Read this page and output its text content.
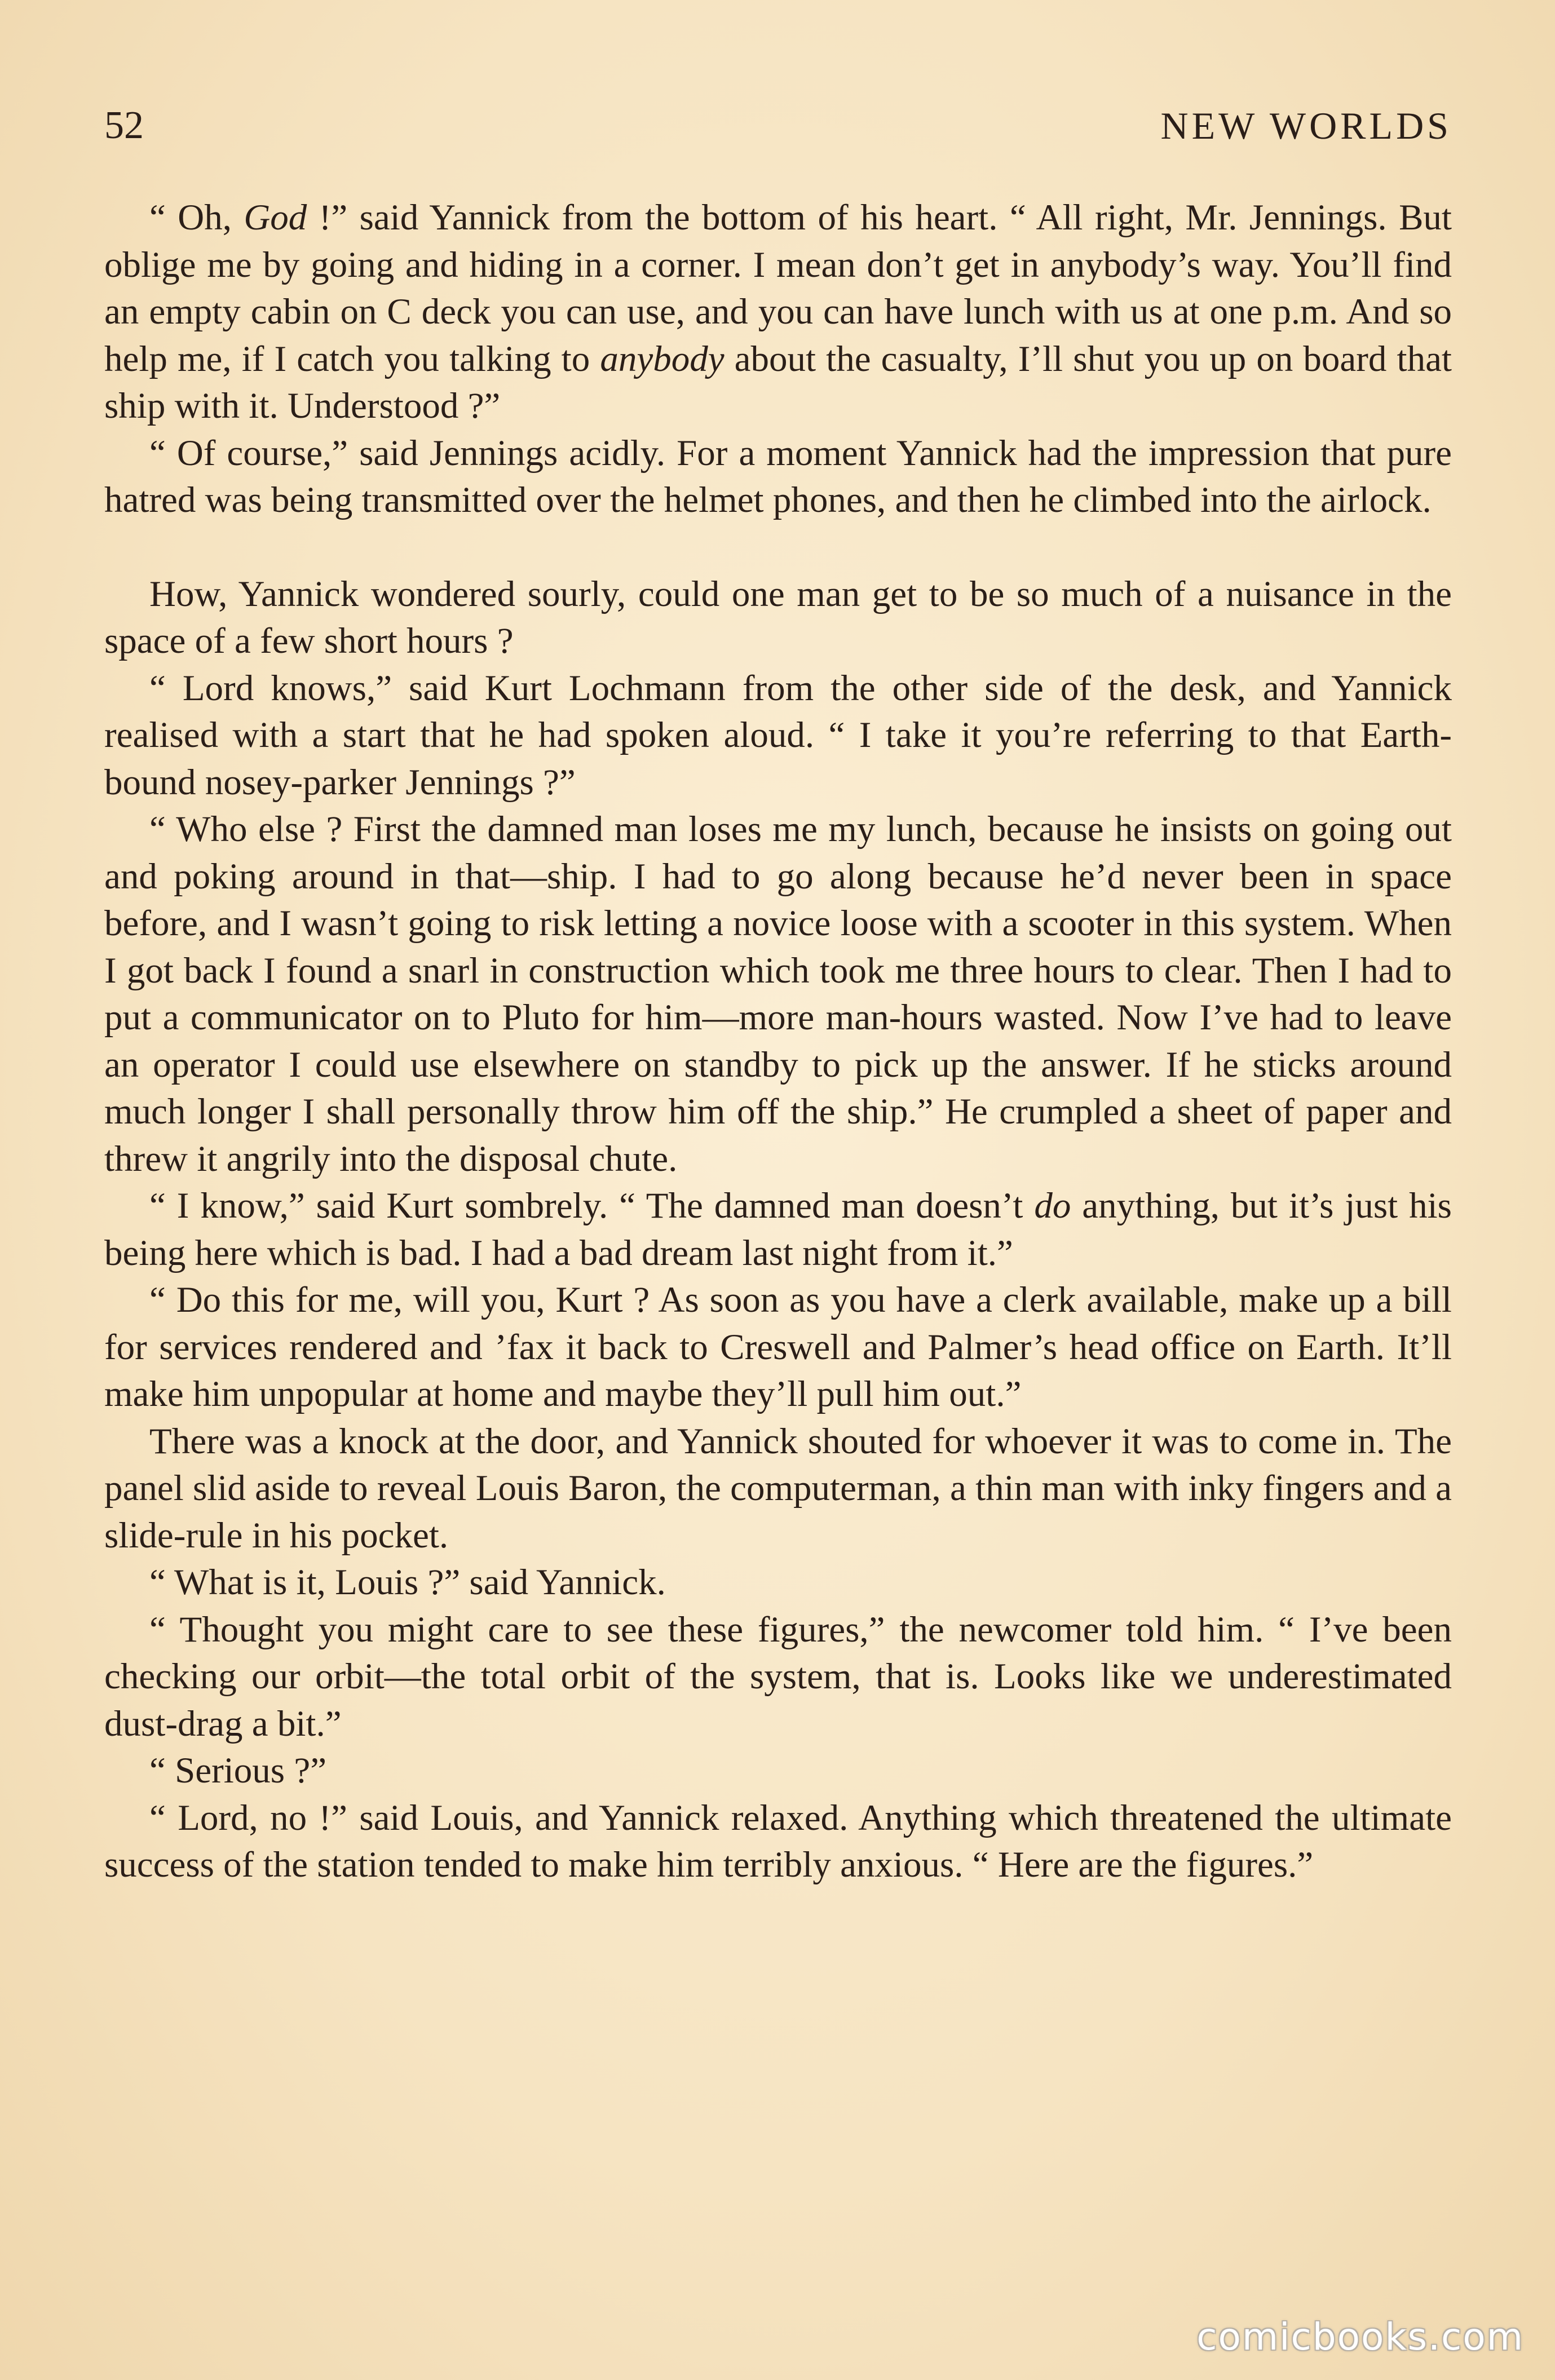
52	NEW WORLDS

“ Oh, God !” said Yannick from the bottom of his heart. “ All right, Mr. Jennings. But oblige me by going and hiding in a corner. I mean don’t get in anybody’s way. You’ll find an empty cabin on C deck you can use, and you can have lunch with us at one p.m. And so help me, if I catch you talking to anybody about the casualty, I’ll shut you up on board that ship with it. Understood ?”

“ Of course,” said Jennings acidly. For a moment Yannick had the impression that pure hatred was being transmitted over the helmet phones, and then he climbed into the airlock.

How, Yannick wondered sourly, could one man get to be so much of a nuisance in the space of a few short hours ?

“ Lord knows,” said Kurt Lochmann from the other side of the desk, and Yannick realised with a start that he had spoken aloud. “ I take it you’re referring to that Earth-bound nosey-parker Jennings ?”

“ Who else ? First the damned man loses me my lunch, because he insists on going out and poking around in that—ship. I had to go along because he’d never been in space before, and I wasn’t going to risk letting a novice loose with a scooter in this system. When I got back I found a snarl in construction which took me three hours to clear. Then I had to put a communicator on to Pluto for him—more man-hours wasted. Now I’ve had to leave an operator I could use elsewhere on standby to pick up the answer. If he sticks around much longer I shall personally throw him off the ship.” He crumpled a sheet of paper and threw it angrily into the disposal chute.

“ I know,” said Kurt sombrely. “ The damned man doesn’t do anything, but it’s just his being here which is bad. I had a bad dream last night from it.”

“ Do this for me, will you, Kurt ? As soon as you have a clerk available, make up a bill for services rendered and ’fax it back to Creswell and Palmer’s head office on Earth. It’ll make him unpopular at home and maybe they’ll pull him out.”

There was a knock at the door, and Yannick shouted for whoever it was to come in. The panel slid aside to reveal Louis Baron, the computerman, a thin man with inky fingers and a slide-rule in his pocket.

“ What is it, Louis ?” said Yannick.

“ Thought you might care to see these figures,” the newcomer told him. “ I’ve been checking our orbit—the total orbit of the system, that is. Looks like we underestimated dust-drag a bit.”

“ Serious ?”

“ Lord, no !” said Louis, and Yannick relaxed. Anything which threatened the ultimate success of the station tended to make him terribly anxious. “ Here are the figures.”

comicbooks.com
